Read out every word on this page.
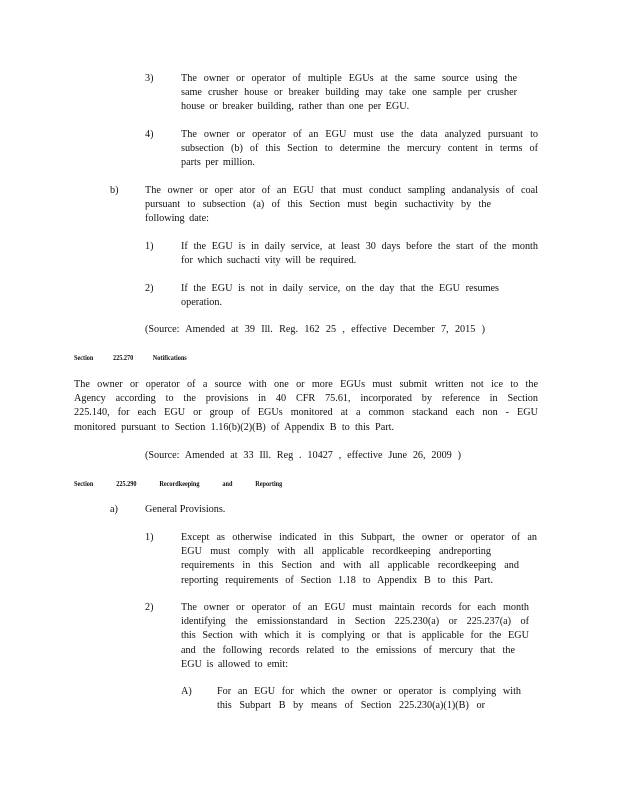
3)	The owner or operator of multiple EGUs at the same source using the
same crusher house or breaker building may take one sample per crusher
house or breaker building, rather than one per EGU.
4)	The owner or operator of an EGU must use the data analyzed pursuant to
subsection (b) of this Section to determine the mercury content in terms of
parts per million.
b)	The owner or oper ator of an EGU that must conduct sampling andanalysis of coal
pursuant to subsection (a) of this Section must begin suchactivity by the
following date:
1)	If the EGU is in daily service, at least 30 days before the start of the month
for which suchacti vity will be required.
2)	If the EGU is not in daily service, on the day that the EGU resumes
operation.
(Source: Amended at 39 Ill. Reg. 162 25 , effective December 7, 2015 )
Section 225.270 Notifications
The owner or operator of a source with one or more EGUs must submit written not ice to the
Agency according to the provisions in 40 CFR 75.61, incorporated by reference in Section
225.140, for each EGU or group of EGUs monitored at a common stackand each non - EGU
monitored pursuant to Section 1.16(b)(2)(B) of Appendix B to this Part.
(Source: Amended at 33 Ill. Reg . 10427 , effective June 26, 2009 )
Section 225.290 Recordkeeping and Reporting
a)	General Provisions.
1)	Except as otherwise indicated in this Subpart, the owner or operator of an
EGU must comply with all applicable recordkeeping andreporting
requirements in this Section and with all applicable recordkeeping and
reporting requirements of Section 1.18 to Appendix B to this Part.
2)	The owner or operator of an EGU must maintain records for each month
identifying the emissionstandard in Section 225.230(a) or 225.237(a) of
this Section with which it is complying or that is applicable for the EGU
and the following records related to the emissions of mercury that the
EGU is allowed to emit:
A) For an EGU for which the owner or operator is complying with
this Subpart B by means of Section 225.230(a)(1)(B) or
